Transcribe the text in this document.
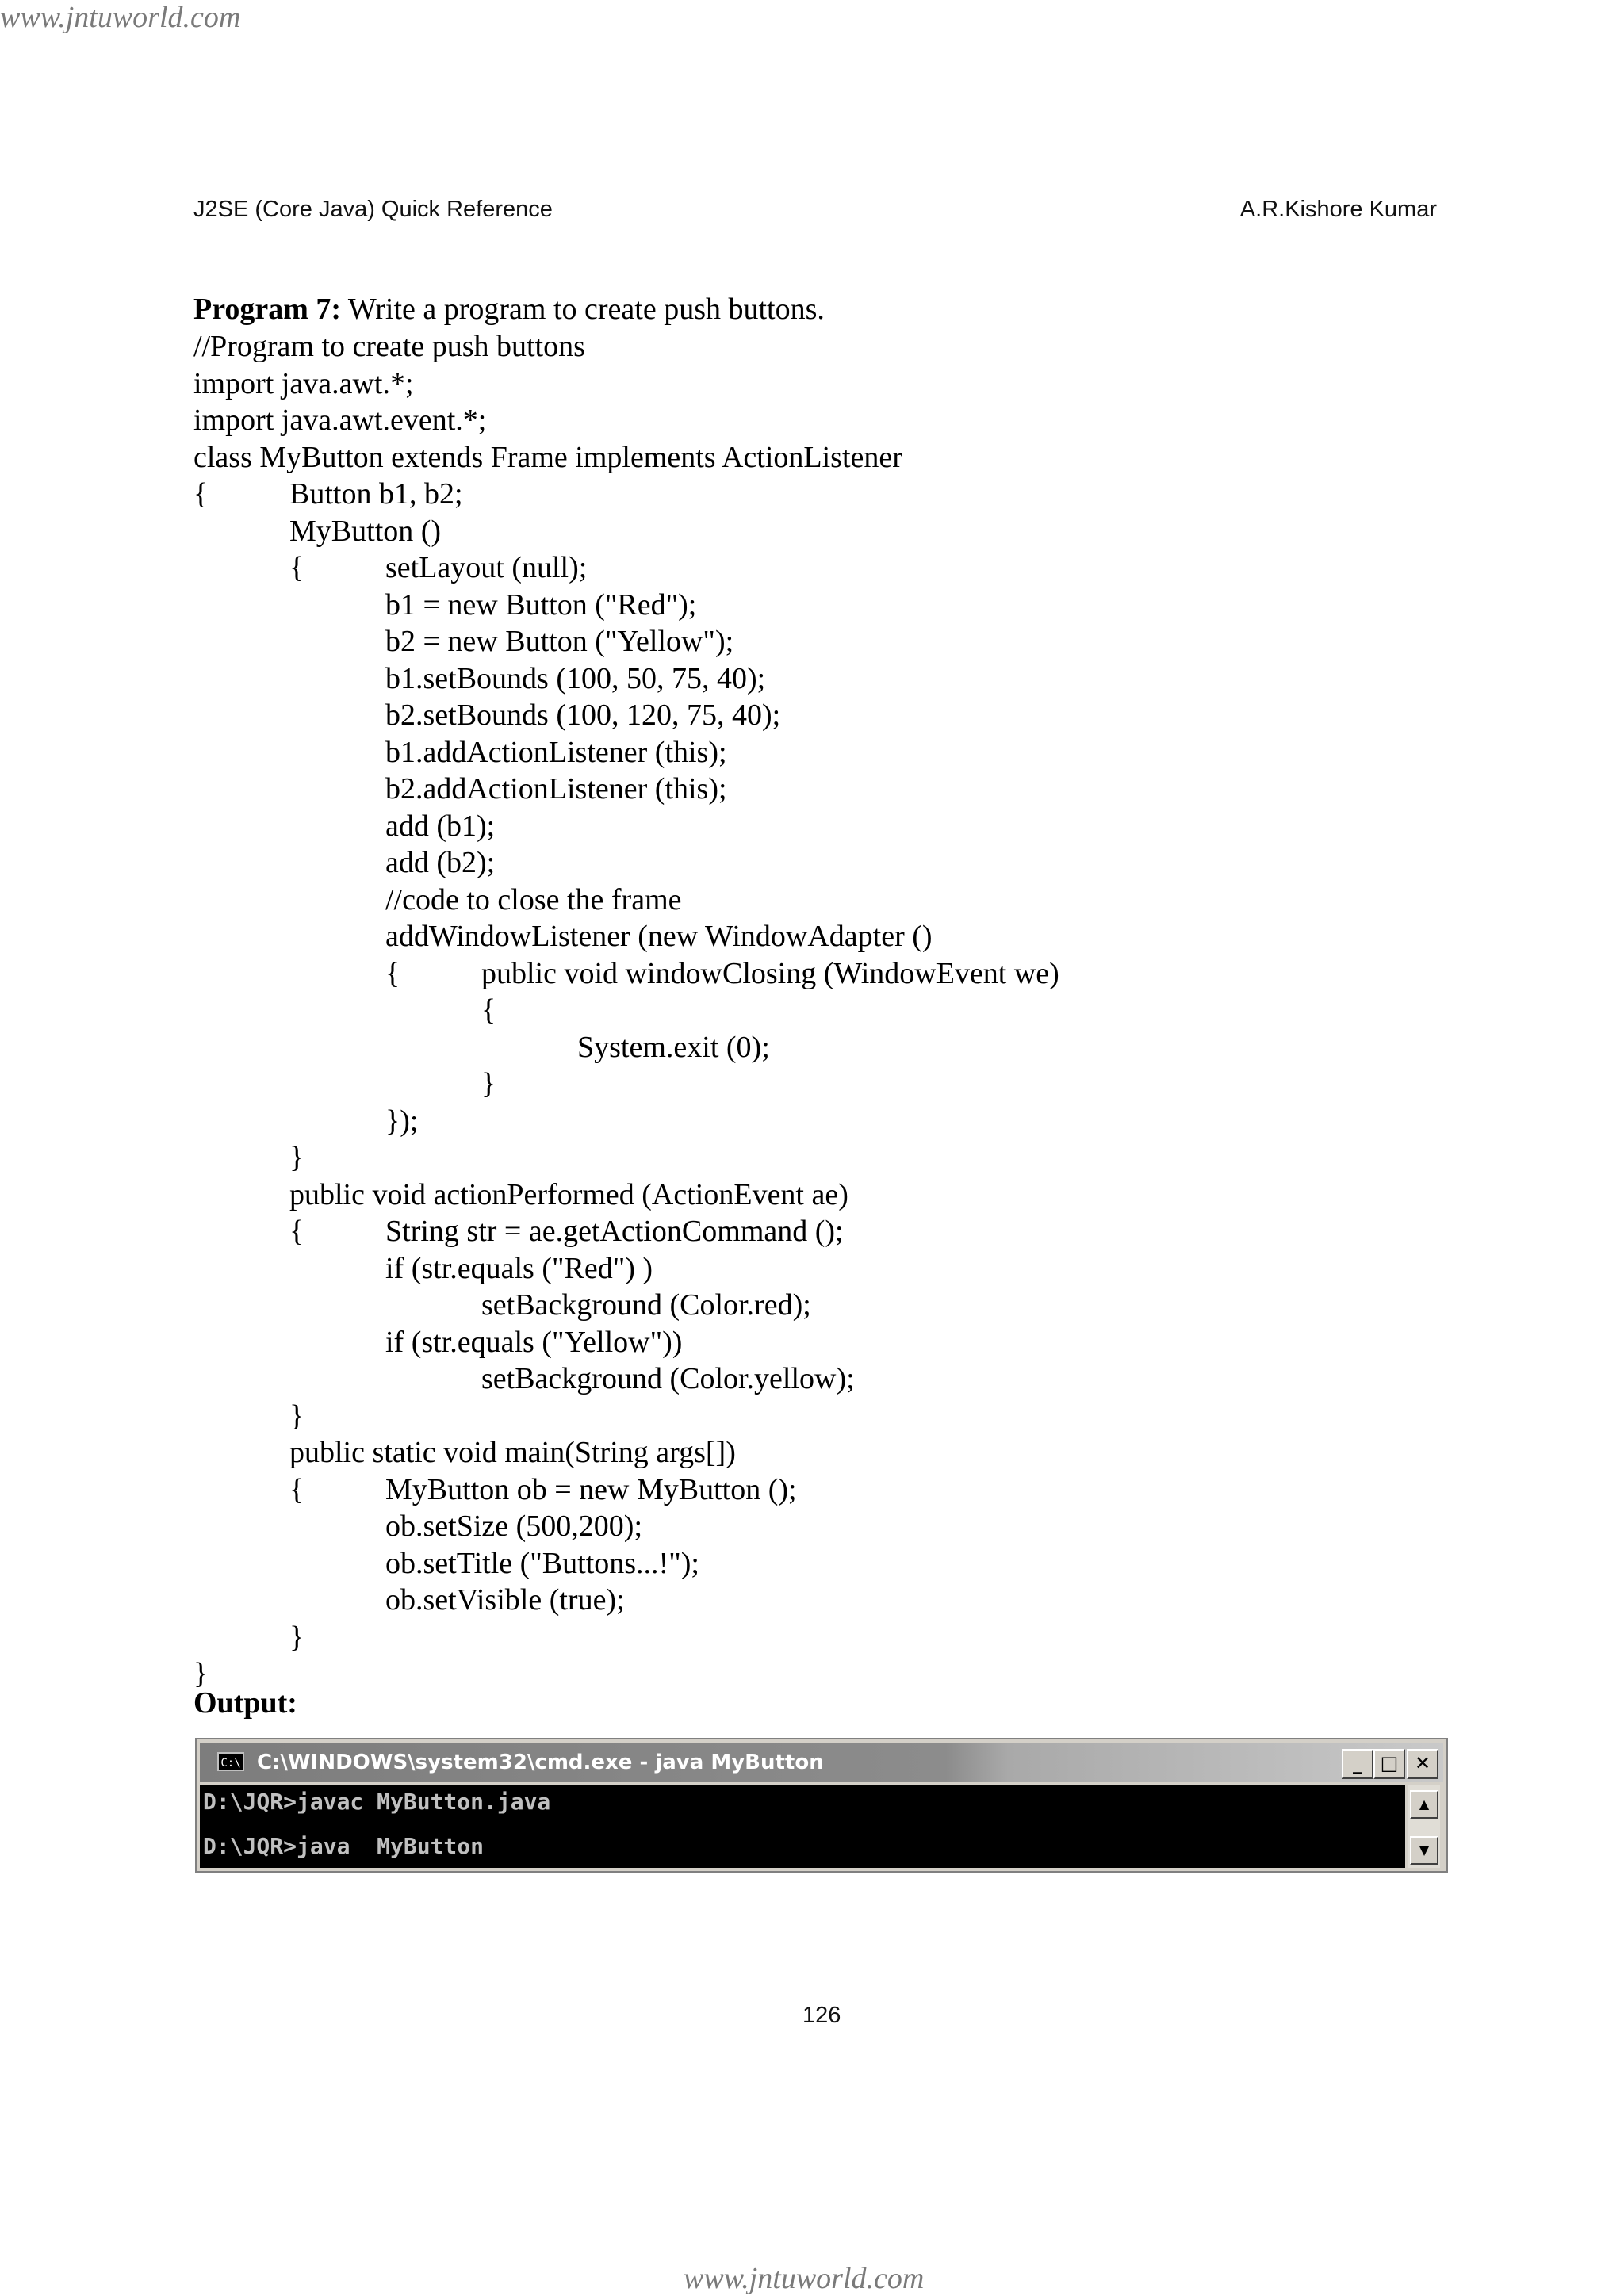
www.jntuworld.com
J2SE (Core Java) Quick Reference	A.R.Kishore Kumar
Program 7: Write a program to create push buttons.
//Program to create push buttons
import java.awt.*;
import java.awt.event.*;
class MyButton extends Frame implements ActionListener
{	Button b1, b2;
MyButton ()
{	setLayout (null);
b1 = new Button ("Red");
b2 = new Button ("Yellow");
b1.setBounds (100, 50, 75, 40);
b2.setBounds (100, 120, 75, 40);
b1.addActionListener (this);
b2.addActionListener (this);
add (b1);
add (b2);
//code to close the frame
addWindowListener (new WindowAdapter ()
{	public void windowClosing (WindowEvent we)
{
System.exit (0);
}
});
}
public void actionPerformed (ActionEvent ae)
{	String str = ae.getActionCommand ();
if (str.equals ("Red") )
setBackground (Color.red);
if (str.equals ("Yellow"))
setBackground (Color.yellow);
}
public static void main(String args[])
{	MyButton ob = new MyButton ();
ob.setSize (500,200);
ob.setTitle ("Buttons...!");
ob.setVisible (true);
}
}
Output:
C:\ C:\WINDOWS\system32\cmd.exe - java MyButton	_ □ ✕
D:\JQR>javac MyButton.java
D:\JQR>java  MyButton
▲
▼
126
www.jntuworld.com
